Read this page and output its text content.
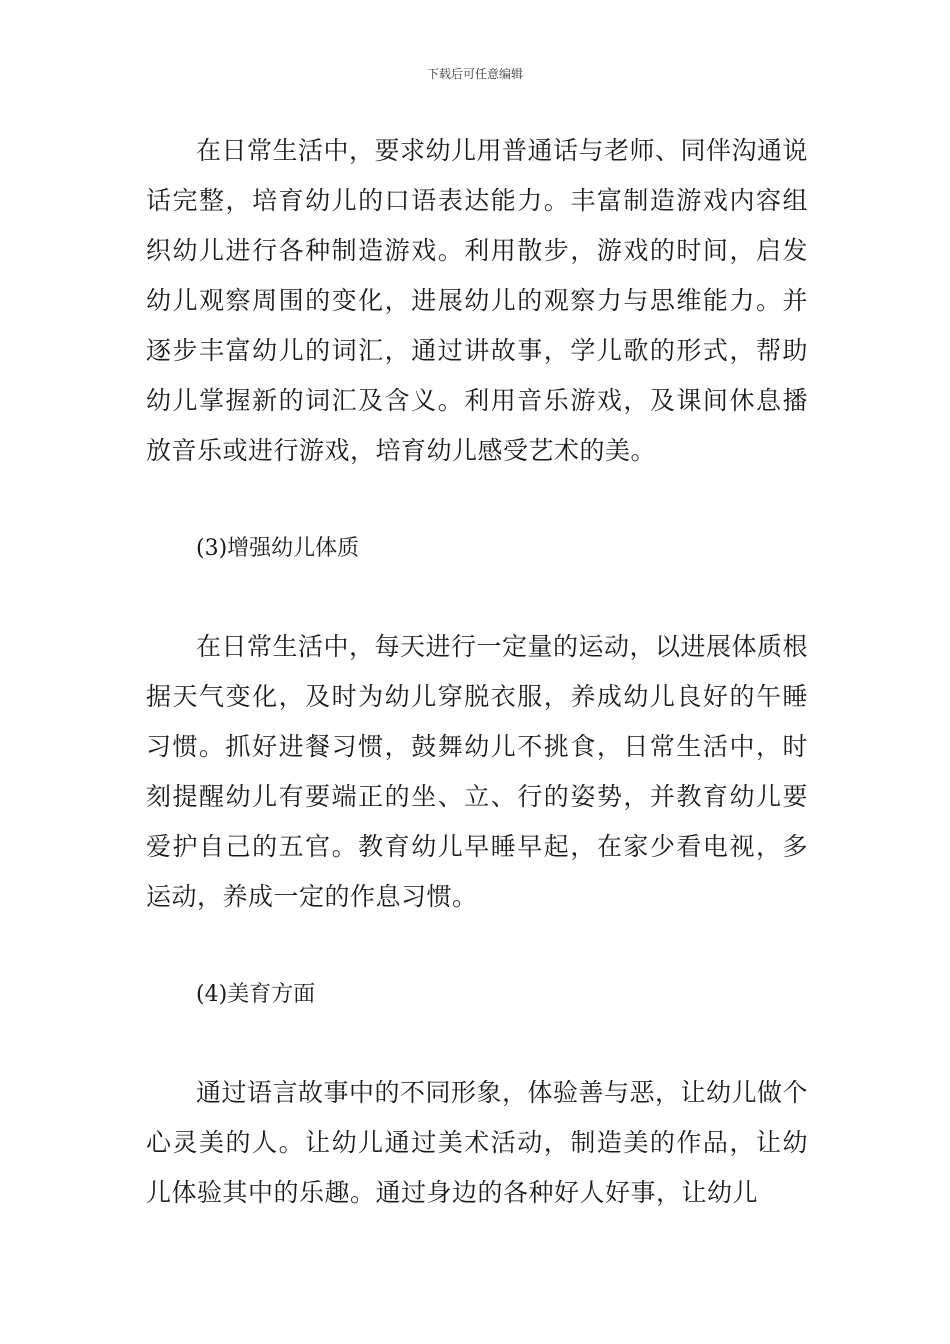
下载后可任意编辑

在日常生活中，要求幼儿用普通话与老师、同伴沟通说话完整，培育幼儿的口语表达能力。丰富制造游戏内容组织幼儿进行各种制造游戏。利用散步，游戏的时间，启发幼儿观察周围的变化，进展幼儿的观察力与思维能力。并逐步丰富幼儿的词汇，通过讲故事，学儿歌的形式，帮助幼儿掌握新的词汇及含义。利用音乐游戏，及课间休息播放音乐或进行游戏，培育幼儿感受艺术的美。

(3)增强幼儿体质

在日常生活中，每天进行一定量的运动，以进展体质根据天气变化，及时为幼儿穿脱衣服，养成幼儿良好的午睡习惯。抓好进餐习惯，鼓舞幼儿不挑食，日常生活中，时刻提醒幼儿有要端正的坐、立、行的姿势，并教育幼儿要爱护自己的五官。教育幼儿早睡早起，在家少看电视，多运动，养成一定的作息习惯。

(4)美育方面

通过语言故事中的不同形象，体验善与恶，让幼儿做个心灵美的人。让幼儿通过美术活动，制造美的作品，让幼儿体验其中的乐趣。通过身边的各种好人好事，让幼儿
